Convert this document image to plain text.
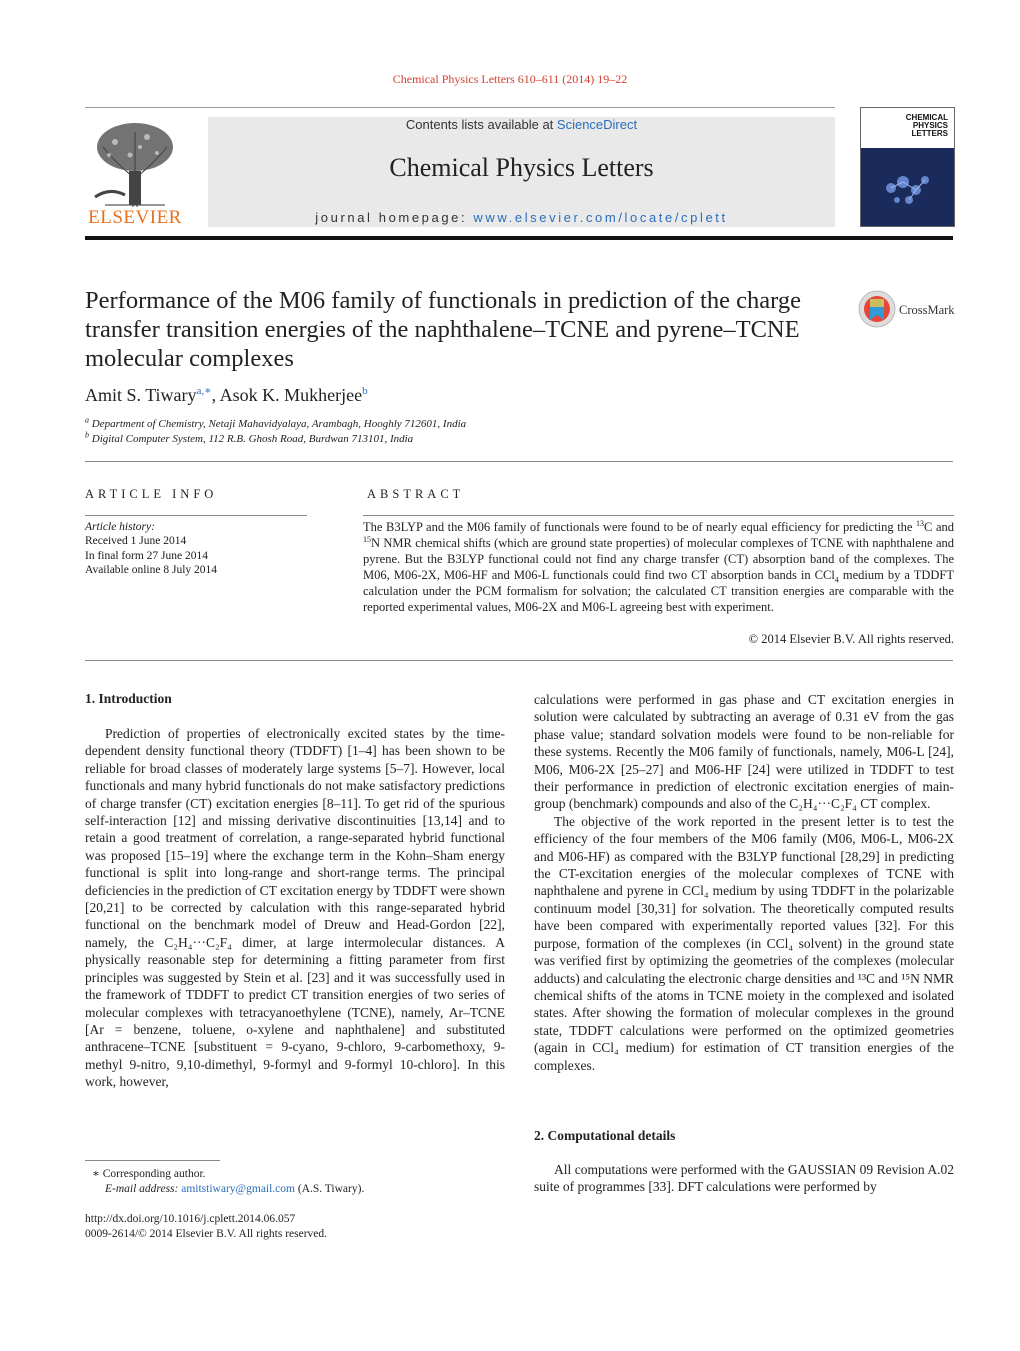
Chemical Physics Letters 610–611 (2014) 19–22
ELSEVIER
Contents lists available at ScienceDirect
Chemical Physics Letters
journal homepage: www.elsevier.com/locate/cplett
CHEMICAL
PHYSICS
LETTERS
Performance of the M06 family of functionals in prediction of the charge transfer transition energies of the naphthalene–TCNE and pyrene–TCNE molecular complexes
CrossMark
Amit S. Tiwary$^{a,∗}$, Asok K. Mukherjee$^b$
$^a$ Department of Chemistry, Netaji Mahavidyalaya, Arambagh, Hooghly 712601, India
$^b$ Digital Computer System, 112 R.B. Ghosh Road, Burdwan 713101, India
ARTICLE INFO
Article history:
Received 1 June 2014
In final form 27 June 2014
Available online 8 July 2014
ABSTRACT
The B3LYP and the M06 family of functionals were found to be of nearly equal efficiency for predicting the $^{13}$C and $^{15}$N NMR chemical shifts (which are ground state properties) of molecular complexes of TCNE with naphthalene and pyrene. But the B3LYP functional could not find any charge transfer (CT) absorption band of the complexes. The M06, M06-2X, M06-HF and M06-L functionals could find two CT absorption bands in CCl$_4$ medium by a TDDFT calculation under the PCM formalism for solvation; the calculated CT transition energies are comparable with the reported experimental values, M06-2X and M06-L agreeing best with experiment.
© 2014 Elsevier B.V. All rights reserved.
1. Introduction

Prediction of properties of electronically excited states by the time-dependent density functional theory (TDDFT) [1–4] has been shown to be reliable for broad classes of moderately large systems [5–7]. However, local functionals and many hybrid functionals do not make satisfactory predictions of charge transfer (CT) excitation energies [8–11]. To get rid of the spurious self-interaction [12] and missing derivative discontinuities [13,14] and to retain a good treatment of correlation, a range-separated hybrid functional was proposed [15–19] where the exchange term in the Kohn–Sham energy functional is split into long-range and short-range terms. The principal deficiencies in the prediction of CT excitation energy by TDDFT were shown [20,21] to be corrected by calculation with this range-separated hybrid functional on the benchmark model of Dreuw and Head-Gordon [22], namely, the C₂H₄···C₂F₄ dimer, at large intermolecular distances. A physically reasonable step for determining a fitting parameter from first principles was suggested by Stein et al. [23] and it was successfully used in the framework of TDDFT to predict CT transition energies of two series of molecular complexes with tetracyanoethylene (TCNE), namely, Ar–TCNE [Ar = benzene, toluene, o-xylene and naphthalene] and substituted anthracene–TCNE [substituent = 9-cyano, 9-chloro, 9-carbomethoxy, 9-methyl 9-nitro, 9,10-dimethyl, 9-formyl and 9-formyl 10-chloro]. In this work, however,

calculations were performed in gas phase and CT excitation energies in solution were calculated by subtracting an average of 0.31 eV from the gas phase value; standard solvation models were found to be non-reliable for these systems. Recently the M06 family of functionals, namely, M06-L [24], M06, M06-2X [25–27] and M06-HF [24] were utilized in TDDFT to test their performance in prediction of electronic excitation energies of main-group (benchmark) compounds and also of the C₂H₄···C₂F₄ CT complex.

The objective of the work reported in the present letter is to test the efficiency of the four members of the M06 family (M06, M06-L, M06-2X and M06-HF) as compared with the B3LYP functional [28,29] in predicting the CT-excitation energies of the molecular complexes of TCNE with naphthalene and pyrene in CCl₄ medium by using TDDFT in the polarizable continuum model [30,31] for solvation. The theoretically computed results have been compared with experimentally reported values [32]. For this purpose, formation of the complexes (in CCl₄ solvent) in the ground state was verified first by optimizing the geometries of the complexes (molecular adducts) and calculating the electronic charge densities and ¹³C and ¹⁵N NMR chemical shifts of the atoms in TCNE moiety in the complexed and isolated states. After showing the formation of molecular complexes in the ground state, TDDFT calculations were performed on the optimized geometries (again in CCl₄ medium) for estimation of CT transition energies of the complexes.

2. Computational details

All computations were performed with the GAUSSIAN 09 Revision A.02 suite of programmes [33]. DFT calculations were performed by

∗ Corresponding author.
E-mail address: amitstiwary@gmail.com (A.S. Tiwary).
http://dx.doi.org/10.1016/j.cplett.2014.06.057
0009-2614/© 2014 Elsevier B.V. All rights reserved.
